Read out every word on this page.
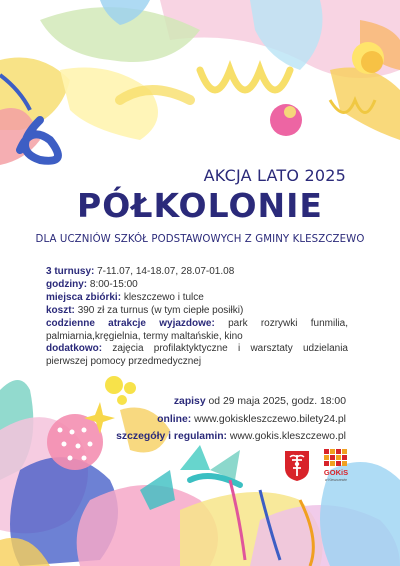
AKCJA LATO 2025
PÓŁKOLONIE
DLA UCZNIÓW SZKÓŁ PODSTAWOWYCH Z GMINY KLESZCZEWO
3 turnusy: 7-11.07, 14-18.07, 28.07-01.08
godziny: 8:00-15:00
miejsca zbiórki: kleszczewo i tulce
koszt: 390 zł za turnus (w tym ciepłe posiłki)
codzienne atrakcje wyjazdowe: park rozrywki funmilia, palmiarnia,kręgielnia, termy maltańskie, kino
dodatkowo: zajęcia profilaktyktyczne i warsztaty udzielania pierwszej pomocy przedmedycznej
zapisy od 29 maja 2025, godz. 18:00
online: www.gokiskleszczewo.bilety24.pl
szczegóły i regulamin: www.gokis.kleszczewo.pl
GOKiS
w Kleszczewie
